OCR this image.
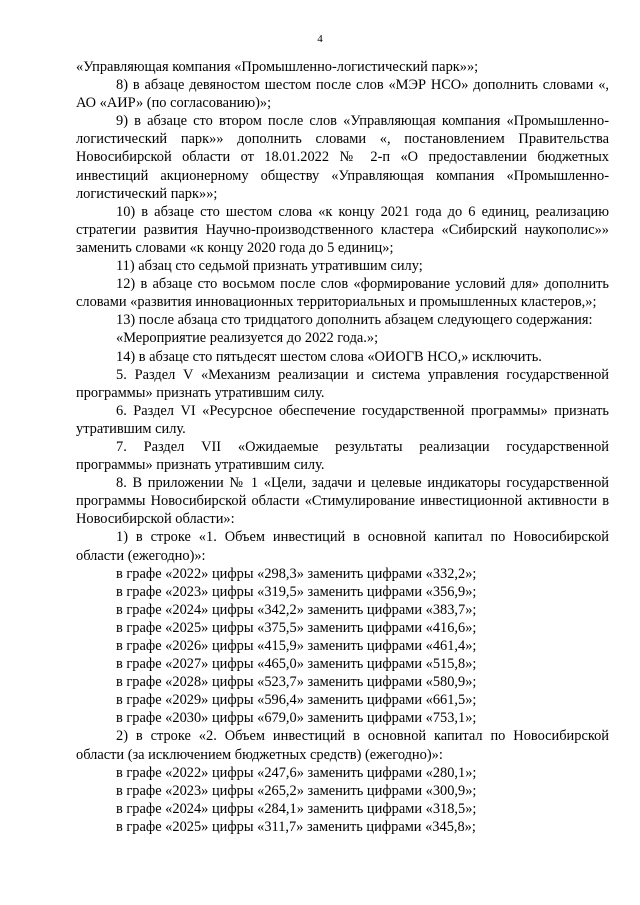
4

«Управляющая компания «Промышленно-логистический парк»»;

8) в абзаце девяностом шестом после слов «МЭР НСО» дополнить словами «, АО «АИР» (по согласованию)»;

9) в абзаце сто втором после слов «Управляющая компания «Промышленно-логистический парк»» дополнить словами «, постановлением Правительства Новосибирской области от 18.01.2022 № 2-п «О предоставлении бюджетных инвестиций акционерному обществу «Управляющая компания «Промышленно-логистический парк»»;

10) в абзаце сто шестом слова «к концу 2021 года до 6 единиц, реализацию стратегии развития Научно-производственного кластера «Сибирский наукополис»» заменить словами «к концу 2020 года до 5 единиц»;

11) абзац сто седьмой признать утратившим силу;

12) в абзаце сто восьмом после слов «формирование условий для» дополнить словами «развития инновационных территориальных и промышленных кластеров,»;

13) после абзаца сто тридцатого дополнить абзацем следующего содержания:

«Мероприятие реализуется до 2022 года.»;

14) в абзаце сто пятьдесят шестом слова «ОИОГВ НСО,» исключить.

5. Раздел V «Механизм реализации и система управления государственной программы» признать утратившим силу.

6. Раздел VI «Ресурсное обеспечение государственной программы» признать утратившим силу.

7. Раздел VII «Ожидаемые результаты реализации государственной программы» признать утратившим силу.

8. В приложении № 1 «Цели, задачи и целевые индикаторы государственной программы Новосибирской области «Стимулирование инвестиционной активности в Новосибирской области»:

1) в строке «1. Объем инвестиций в основной капитал по Новосибирской области (ежегодно)»:

в графе «2022» цифры «298,3» заменить цифрами «332,2»;

в графе «2023» цифры «319,5» заменить цифрами «356,9»;

в графе «2024» цифры «342,2» заменить цифрами «383,7»;

в графе «2025» цифры «375,5» заменить цифрами «416,6»;

в графе «2026» цифры «415,9» заменить цифрами «461,4»;

в графе «2027» цифры «465,0» заменить цифрами «515,8»;

в графе «2028» цифры «523,7» заменить цифрами «580,9»;

в графе «2029» цифры «596,4» заменить цифрами «661,5»;

в графе «2030» цифры «679,0» заменить цифрами «753,1»;

2) в строке «2. Объем инвестиций в основной капитал по Новосибирской области (за исключением бюджетных средств) (ежегодно)»:

в графе «2022» цифры «247,6» заменить цифрами «280,1»;

в графе «2023» цифры «265,2» заменить цифрами «300,9»;

в графе «2024» цифры «284,1» заменить цифрами «318,5»;

в графе «2025» цифры «311,7» заменить цифрами «345,8»;
